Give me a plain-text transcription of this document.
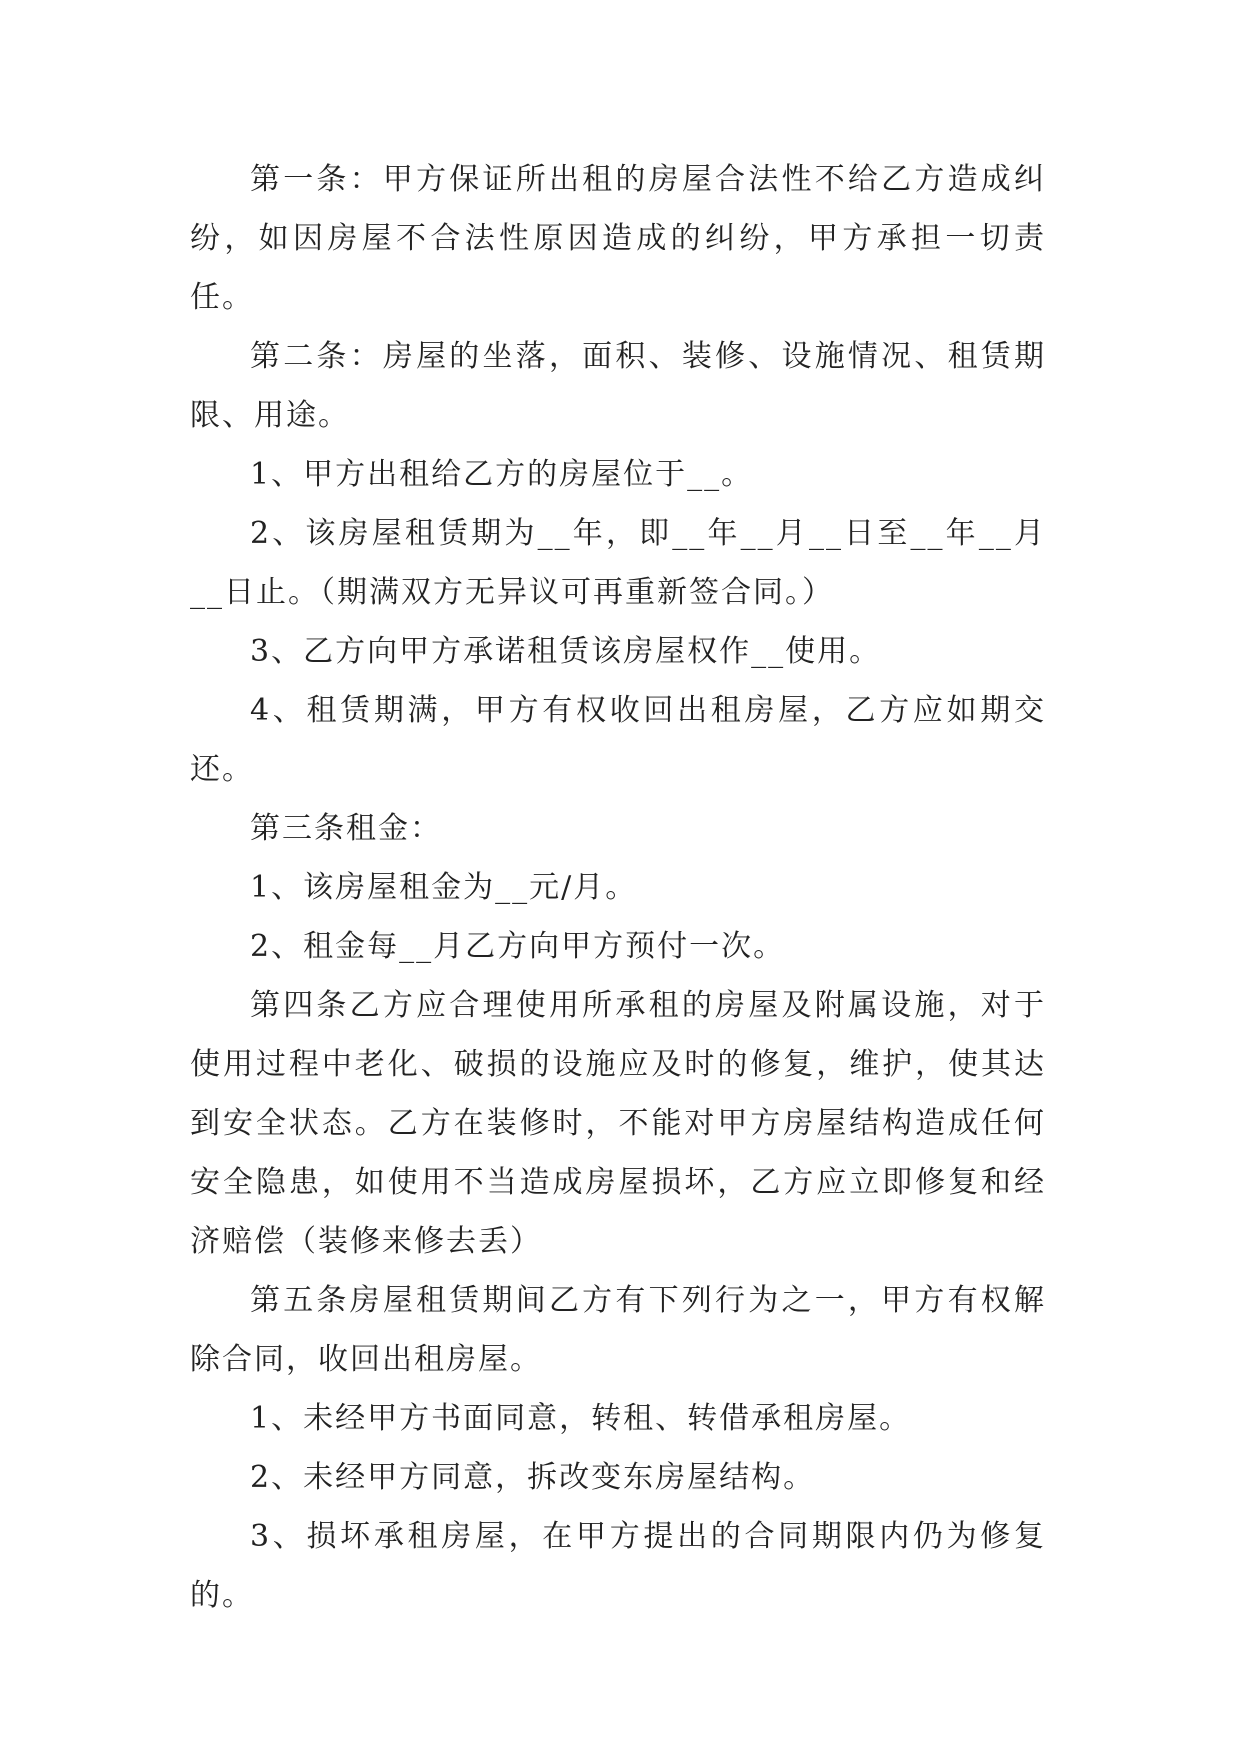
第一条：甲方保证所出租的房屋合法性不给乙方造成纠纷，如因房屋不合法性原因造成的纠纷，甲方承担一切责任。

第二条：房屋的坐落，面积、装修、设施情况、租赁期限、用途。

1、甲方出租给乙方的房屋位于__。

2、该房屋租赁期为__年，即__年__月__日至__年__月__日止。（期满双方无异议可再重新签合同。）

3、乙方向甲方承诺租赁该房屋权作__使用。

4、租赁期满，甲方有权收回出租房屋，乙方应如期交还。

第三条租金：

1、该房屋租金为__元/月。

2、租金每__月乙方向甲方预付一次。

第四条乙方应合理使用所承租的房屋及附属设施，对于使用过程中老化、破损的设施应及时的修复，维护，使其达到安全状态。乙方在装修时，不能对甲方房屋结构造成任何安全隐患，如使用不当造成房屋损坏，乙方应立即修复和经济赔偿（装修来修去丢）

第五条房屋租赁期间乙方有下列行为之一，甲方有权解除合同，收回出租房屋。

1、未经甲方书面同意，转租、转借承租房屋。

2、未经甲方同意，拆改变东房屋结构。

3、损坏承租房屋，在甲方提出的合同期限内仍为修复的。
